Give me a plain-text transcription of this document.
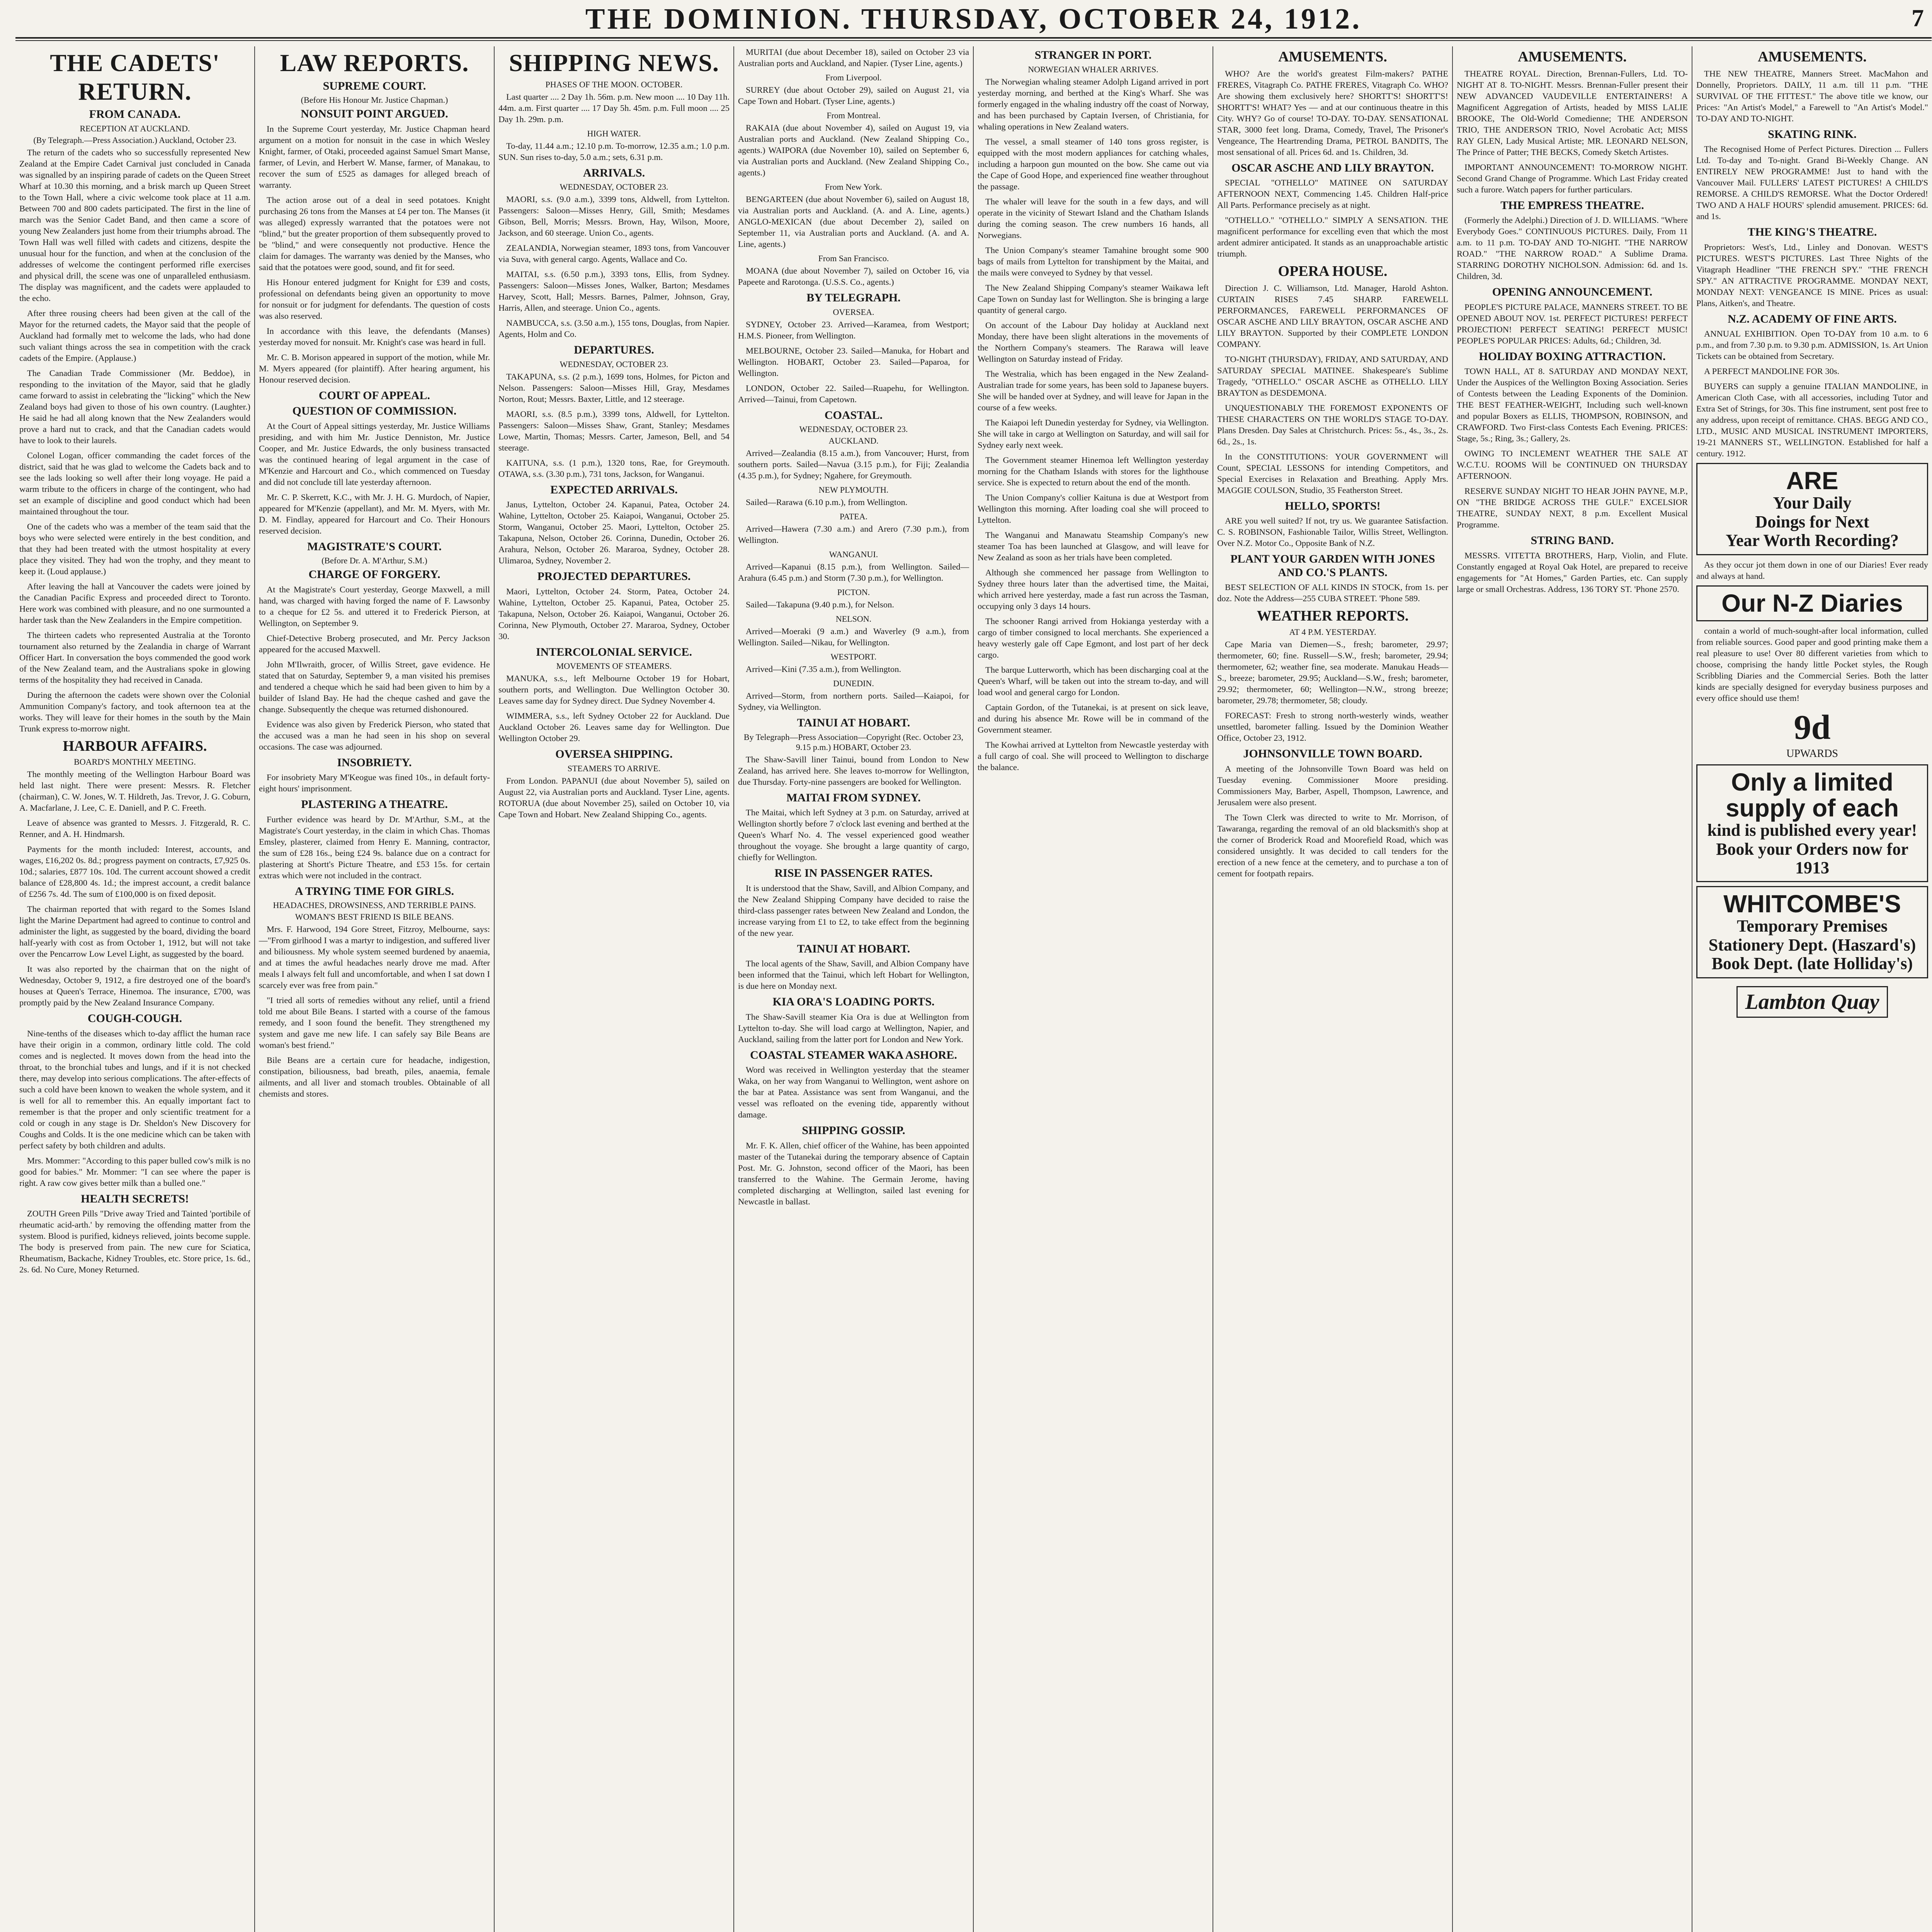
THE DOMINION. THURSDAY, OCTOBER 24, 1912.	7
THE CADETS' RETURN.
FROM CANADA.
RECEPTION AT AUCKLAND.
(By Telegraph.—Press Association.) Auckland, October 23.

The return of the cadets who so successfully represented New Zealand at the Empire Cadet Carnival just concluded in Canada was signalled by an inspiring parade of cadets on the Queen Street Wharf at 10.30 this morning, and a brisk march up Queen Street to the Town Hall, where a civic welcome took place at 11 a.m. Between 700 and 800 cadets participated. The first in the line of march was the Senior Cadet Band, and then came a score of young New Zealanders just home from their triumphs abroad. The Town Hall was well filled with cadets and citizens, despite the unusual hour for the function, and when at the conclusion of the addresses of welcome the contingent performed rifle exercises and physical drill, the scene was one of unparalleled enthusiasm. The display was magnificent, and the cadets were applauded to the echo.

After three rousing cheers had been given at the call of the Mayor for the returned cadets, the Mayor said that the people of Auckland had formally met to welcome the lads, who had done such valiant things across the sea in competition with the crack cadets of the Empire. (Applause.)

The Canadian Trade Commissioner (Mr. Beddoe), in responding to the invitation of the Mayor, said that he gladly came forward to assist in celebrating the "licking" which the New Zealand boys had given to those of his own country. (Laughter.) He said he had all along known that the New Zealanders would prove a hard nut to crack, and that the Canadian cadets would have to look to their laurels.

Colonel Logan, officer commanding the cadet forces of the district, said that he was glad to welcome the Cadets back and to see the lads looking so well after their long voyage. He paid a warm tribute to the officers in charge of the contingent, who had set an example of discipline and good conduct which had been maintained throughout the tour.

One of the cadets who was a member of the team said that the boys who were selected were entirely in the best condition, and that they had been treated with the utmost hospitality at every place they visited. They had won the trophy, and they meant to keep it. (Loud applause.)

After leaving the hall at Vancouver the cadets were joined by the Canadian Pacific Express and proceeded direct to Toronto. Here work was combined with pleasure, and no one surmounted a harder task than the New Zealanders in the Empire competition.

The thirteen cadets who represented Australia at the Toronto tournament also returned by the Zealandia in charge of Warrant Officer Hart. In conversation the boys commended the good work of the New Zealand team, and the Australians spoke in glowing terms of the hospitality they had received in Canada.

During the afternoon the cadets were shown over the Colonial Ammunition Company's factory, and took afternoon tea at the works. They will leave for their homes in the south by the Main Trunk express to-morrow night.

HARBOUR AFFAIRS.
BOARD'S MONTHLY MEETING.

The monthly meeting of the Wellington Harbour Board was held last night. There were present: Messrs. R. Fletcher (chairman), C. W. Jones, W. T. Hildreth, Jas. Trevor, J. G. Coburn, A. Macfarlane, J. Lee, C. E. Daniell, and P. C. Freeth.

Leave of absence was granted to Messrs. J. Fitzgerald, R. C. Renner, and A. H. Hindmarsh.

Payments for the month included: Interest, accounts, and wages, £16,202 0s. 8d.; progress payment on contracts, £7,925 0s. 10d.; salaries, £877 10s. 10d. The current account showed a credit balance of £28,800 4s. 1d.; the imprest account, a credit balance of £256 7s. 4d. The sum of £100,000 is on fixed deposit.

The chairman reported that with regard to the Somes Island light the Marine Department had agreed to continue to control and administer the light, as suggested by the board, dividing the board half-yearly with cost as from October 1, 1912, but will not take over the Pencarrow Low Level Light, as suggested by the board.

It was also reported by the chairman that on the night of Wednesday, October 9, 1912, a fire destroyed one of the board's houses at Queen's Terrace, Hinemoa. The insurance, £700, was promptly paid by the New Zealand Insurance Company.

COUGH-COUGH.

Nine-tenths of the diseases which to-day afflict the human race have their origin in a common, ordinary little cold. The cold comes and is neglected. It moves down from the head into the throat, to the bronchial tubes and lungs, and if it is not checked there, may develop into serious complications. The after-effects of such a cold have been known to weaken the whole system, and it is well for all to remember this. An equally important fact to remember is that the proper and only scientific treatment for a cold or cough in any stage is Dr. Sheldon's New Discovery for Coughs and Colds. It is the one medicine which can be taken with perfect safety by both children and adults.

Mrs. Mommer: "According to this paper bulled cow's milk is no good for babies." Mr. Mommer: "I can see where the paper is right. A raw cow gives better milk than a bulled one."

HEALTH SECRETS!

ZOUTH Green Pills "Drive away Tried and Tainted 'portibile of rheumatic acid-arth.' by removing the offending matter from the system. Blood is purified, kidneys relieved, joints become supple. The body is preserved from pain. The new cure for Sciatica, Rheumatism, Backache, Kidney Troubles, etc. Store price, 1s. 6d., 2s. 6d. No Cure, Money Returned.

LAW REPORTS.
SUPREME COURT.
(Before His Honour Mr. Justice Chapman.)
NONSUIT POINT ARGUED.

In the Supreme Court yesterday, Mr. Justice Chapman heard argument on a motion for nonsuit in the case in which Wesley Knight, farmer, of Otaki, proceeded against Samuel Smart Manse, farmer, of Levin, and Herbert W. Manse, farmer, of Manakau, to recover the sum of £525 as damages for alleged breach of warranty.

The action arose out of a deal in seed potatoes. Knight purchasing 26 tons from the Manses at £4 per ton. The Manses (it was alleged) expressly warranted that the potatoes were not "blind," but the greater proportion of them subsequently proved to be "blind," and were consequently not productive. Hence the claim for damages. The warranty was denied by the Manses, who said that the potatoes were good, sound, and fit for seed.

His Honour entered judgment for Knight for £39 and costs, professional on defendants being given an opportunity to move for nonsuit or for judgment for defendants. The question of costs was also reserved.

In accordance with this leave, the defendants (Manses) yesterday moved for nonsuit. Mr. Knight's case was heard in full.

Mr. C. B. Morison appeared in support of the motion, while Mr. M. Myers appeared (for plaintiff). After hearing argument, his Honour reserved decision.

COURT OF APPEAL.
QUESTION OF COMMISSION.

At the Court of Appeal sittings yesterday, Mr. Justice Williams presiding, and with him Mr. Justice Denniston, Mr. Justice Cooper, and Mr. Justice Edwards, the only business transacted was the continued hearing of legal argument in the case of M'Kenzie and Harcourt and Co., which commenced on Tuesday and did not conclude till late yesterday afternoon.

Mr. C. P. Skerrett, K.C., with Mr. J. H. G. Murdoch, of Napier, appeared for M'Kenzie (appellant), and Mr. M. Myers, with Mr. D. M. Findlay, appeared for Harcourt and Co. Their Honours reserved decision.

MAGISTRATE'S COURT.
(Before Dr. A. M'Arthur, S.M.)
CHARGE OF FORGERY.

At the Magistrate's Court yesterday, George Maxwell, a mill hand, was charged with having forged the name of F. Lawsonby to a cheque for £2 5s. and uttered it to Frederick Pierson, at Wellington, on September 9.

Chief-Detective Broberg prosecuted, and Mr. Percy Jackson appeared for the accused Maxwell.

John M'Ilwraith, grocer, of Willis Street, gave evidence. He stated that on Saturday, September 9, a man visited his premises and tendered a cheque which he said had been given to him by a builder of Island Bay. He had the cheque cashed and gave the change. Subsequently the cheque was returned dishonoured.

Evidence was also given by Frederick Pierson, who stated that the accused was a man he had seen in his shop on several occasions. The case was adjourned.

INSOBRIETY.

For insobriety Mary M'Keogue was fined 10s., in default forty-eight hours' imprisonment.

PLASTERING A THEATRE.

Further evidence was heard by Dr. M'Arthur, S.M., at the Magistrate's Court yesterday, in the claim in which Chas. Thomas Emsley, plasterer, claimed from Henry E. Manning, contractor, the sum of £28 16s., being £24 9s. balance due on a contract for plastering at Shortt's Picture Theatre, and £53 15s. for certain extras which were not included in the contract.

A TRYING TIME FOR GIRLS.
HEADACHES, DROWSINESS, AND TERRIBLE PAINS.
WOMAN'S BEST FRIEND IS BILE BEANS.

Mrs. F. Harwood, 194 Gore Street, Fitzroy, Melbourne, says:—"From girlhood I was a martyr to indigestion, and suffered liver and biliousness. My whole system seemed burdened by anaemia, and at times the awful headaches nearly drove me mad. After meals I always felt full and uncomfortable, and when I sat down I scarcely ever was free from pain."

"I tried all sorts of remedies without any relief, until a friend told me about Bile Beans. I started with a course of the famous remedy, and I soon found the benefit. They strengthened my system and gave me new life. I can safely say Bile Beans are woman's best friend."

Bile Beans are a certain cure for headache, indigestion, constipation, biliousness, bad breath, piles, anaemia, female ailments, and all liver and stomach troubles. Obtainable of all chemists and stores.

SHIPPING NEWS.
PHASES OF THE MOON. OCTOBER.

Last quarter .... 2 Day 1h. 56m. p.m. New moon .... 10 Day 11h. 44m. a.m. First quarter .... 17 Day 5h. 45m. p.m. Full moon .... 25 Day 1h. 29m. p.m.

HIGH WATER.

To-day, 11.44 a.m.; 12.10 p.m. To-morrow, 12.35 a.m.; 1.0 p.m. SUN. Sun rises to-day, 5.0 a.m.; sets, 6.31 p.m.

ARRIVALS.
WEDNESDAY, OCTOBER 23.

MAORI, s.s. (9.0 a.m.), 3399 tons, Aldwell, from Lyttelton. Passengers: Saloon—Misses Henry, Gill, Smith; Mesdames Gibson, Bell, Morris; Messrs. Brown, Hay, Wilson, Moore, Jackson, and 60 steerage. Union Co., agents.

ZEALANDIA, Norwegian steamer, 1893 tons, from Vancouver via Suva, with general cargo. Agents, Wallace and Co.

MAITAI, s.s. (6.50 p.m.), 3393 tons, Ellis, from Sydney. Passengers: Saloon—Misses Jones, Walker, Barton; Mesdames Harvey, Scott, Hall; Messrs. Barnes, Palmer, Johnson, Gray, Harris, Allen, and steerage. Union Co., agents.

NAMBUCCA, s.s. (3.50 a.m.), 155 tons, Douglas, from Napier. Agents, Holm and Co.

DEPARTURES.
WEDNESDAY, OCTOBER 23.

TAKAPUNA, s.s. (2 p.m.), 1699 tons, Holmes, for Picton and Nelson. Passengers: Saloon—Misses Hill, Gray, Mesdames Norton, Rout; Messrs. Baxter, Little, and 12 steerage.

MAORI, s.s. (8.5 p.m.), 3399 tons, Aldwell, for Lyttelton. Passengers: Saloon—Misses Shaw, Grant, Stanley; Mesdames Lowe, Martin, Thomas; Messrs. Carter, Jameson, Bell, and 54 steerage.

KAITUNA, s.s. (1 p.m.), 1320 tons, Rae, for Greymouth. OTAWA, s.s. (3.30 p.m.), 731 tons, Jackson, for Wanganui.

EXPECTED ARRIVALS.

Janus, Lyttelton, October 24. Kapanui, Patea, October 24. Wahine, Lyttelton, October 25. Kaiapoi, Wanganui, October 25. Storm, Wanganui, October 25. Maori, Lyttelton, October 25. Takapuna, Nelson, October 26. Corinna, Dunedin, October 26. Arahura, Nelson, October 26. Mararoa, Sydney, October 28. Ulimaroa, Sydney, November 2.

PROJECTED DEPARTURES.

Maori, Lyttelton, October 24. Storm, Patea, October 24. Wahine, Lyttelton, October 25. Kapanui, Patea, October 25. Takapuna, Nelson, October 26. Kaiapoi, Wanganui, October 26. Corinna, New Plymouth, October 27. Mararoa, Sydney, October 30.

INTERCOLONIAL SERVICE.
MOVEMENTS OF STEAMERS.

MANUKA, s.s., left Melbourne October 19 for Hobart, southern ports, and Wellington. Due Wellington October 30. Leaves same day for Sydney direct. Due Sydney November 4.

WIMMERA, s.s., left Sydney October 22 for Auckland. Due Auckland October 26. Leaves same day for Wellington. Due Wellington October 29.

OVERSEA SHIPPING.
STEAMERS TO ARRIVE.

From London. PAPANUI (due about November 5), sailed on August 22, via Australian ports and Auckland. Tyser Line, agents. ROTORUA (due about November 25), sailed on October 10, via Cape Town and Hobart. New Zealand Shipping Co., agents.

MURITAI (due about December 18), sailed on October 23 via Australian ports and Auckland, and Napier. (Tyser Line, agents.)

From Liverpool.

SURREY (due about October 29), sailed on August 21, via Cape Town and Hobart. (Tyser Line, agents.)

From Montreal.

RAKAIA (due about November 4), sailed on August 19, via Australian ports and Auckland. (New Zealand Shipping Co., agents.) WAIPORA (due November 10), sailed on September 6, via Australian ports and Auckland. (New Zealand Shipping Co., agents.)

From New York.

BENGARTEEN (due about November 6), sailed on August 18, via Australian ports and Auckland. (A. and A. Line, agents.) ANGLO-MEXICAN (due about December 2), sailed on September 11, via Australian ports and Auckland. (A. and A. Line, agents.)

From San Francisco.

MOANA (due about November 7), sailed on October 16, via Papeete and Rarotonga. (U.S.S. Co., agents.)

BY TELEGRAPH.
OVERSEA.

SYDNEY, October 23. Arrived—Karamea, from Westport; H.M.S. Pioneer, from Wellington.

MELBOURNE, October 23. Sailed—Manuka, for Hobart and Wellington. HOBART, October 23. Sailed—Paparoa, for Wellington.

LONDON, October 22. Sailed—Ruapehu, for Wellington. Arrived—Tainui, from Capetown.

COASTAL.
WEDNESDAY, OCTOBER 23.
AUCKLAND.

Arrived—Zealandia (8.15 a.m.), from Vancouver; Hurst, from southern ports. Sailed—Navua (3.15 p.m.), for Fiji; Zealandia (4.35 p.m.), for Sydney; Ngahere, for Greymouth.

NEW PLYMOUTH.

Sailed—Rarawa (6.10 p.m.), from Wellington.

PATEA.

Arrived—Hawera (7.30 a.m.) and Arero (7.30 p.m.), from Wellington.

WANGANUI.

Arrived—Kapanui (8.15 p.m.), from Wellington. Sailed—Arahura (6.45 p.m.) and Storm (7.30 p.m.), for Wellington.

PICTON.

Sailed—Takapuna (9.40 p.m.), for Nelson.

NELSON.

Arrived—Moeraki (9 a.m.) and Waverley (9 a.m.), from Wellington. Sailed—Nikau, for Wellington.

WESTPORT.

Arrived—Kini (7.35 a.m.), from Wellington.

DUNEDIN.

Arrived—Storm, from northern ports. Sailed—Kaiapoi, for Sydney, via Wellington.

TAINUI AT HOBART.
By Telegraph—Press Association—Copyright (Rec. October 23, 9.15 p.m.) HOBART, October 23.

The Shaw-Savill liner Tainui, bound from London to New Zealand, has arrived here. She leaves to-morrow for Wellington, due Thursday. Forty-nine passengers are booked for Wellington.

MAITAI FROM SYDNEY.

The Maitai, which left Sydney at 3 p.m. on Saturday, arrived at Wellington shortly before 7 o'clock last evening and berthed at the Queen's Wharf No. 4. The vessel experienced good weather throughout the voyage. She brought a large quantity of cargo, chiefly for Wellington.

RISE IN PASSENGER RATES.

It is understood that the Shaw, Savill, and Albion Company, and the New Zealand Shipping Company have decided to raise the third-class passenger rates between New Zealand and London, the increase varying from £1 to £2, to take effect from the beginning of the new year.

TAINUI AT HOBART.

The local agents of the Shaw, Savill, and Albion Company have been informed that the Tainui, which left Hobart for Wellington, is due here on Monday next.

KIA ORA'S LOADING PORTS.

The Shaw-Savill steamer Kia Ora is due at Wellington from Lyttelton to-day. She will load cargo at Wellington, Napier, and Auckland, sailing from the latter port for London and New York.

COASTAL STEAMER WAKA ASHORE.

Word was received in Wellington yesterday that the steamer Waka, on her way from Wanganui to Wellington, went ashore on the bar at Patea. Assistance was sent from Wanganui, and the vessel was refloated on the evening tide, apparently without damage.

SHIPPING GOSSIP.

Mr. F. K. Allen, chief officer of the Wahine, has been appointed master of the Tutanekai during the temporary absence of Captain Post. Mr. G. Johnston, second officer of the Maori, has been transferred to the Wahine. The Germain Jerome, having completed discharging at Wellington, sailed last evening for Newcastle in ballast.

STRANGER IN PORT.
NORWEGIAN WHALER ARRIVES.

The Norwegian whaling steamer Adolph Ligand arrived in port yesterday morning, and berthed at the King's Wharf. She was formerly engaged in the whaling industry off the coast of Norway, and has been purchased by Captain Iversen, of Christiania, for whaling operations in New Zealand waters.

The vessel, a small steamer of 140 tons gross register, is equipped with the most modern appliances for catching whales, including a harpoon gun mounted on the bow. She came out via the Cape of Good Hope, and experienced fine weather throughout the passage.

The whaler will leave for the south in a few days, and will operate in the vicinity of Stewart Island and the Chatham Islands during the coming season. The crew numbers 16 hands, all Norwegians.

The Union Company's steamer Tamahine brought some 900 bags of mails from Lyttelton for transhipment by the Maitai, and the mails were conveyed to Sydney by that vessel.

The New Zealand Shipping Company's steamer Waikawa left Cape Town on Sunday last for Wellington. She is bringing a large quantity of general cargo.

On account of the Labour Day holiday at Auckland next Monday, there have been slight alterations in the movements of the Northern Company's steamers. The Rarawa will leave Wellington on Saturday instead of Friday.

The Westralia, which has been engaged in the New Zealand-Australian trade for some years, has been sold to Japanese buyers. She will be handed over at Sydney, and will leave for Japan in the course of a few weeks.

The Kaiapoi left Dunedin yesterday for Sydney, via Wellington. She will take in cargo at Wellington on Saturday, and will sail for Sydney early next week.

The Government steamer Hinemoa left Wellington yesterday morning for the Chatham Islands with stores for the lighthouse service. She is expected to return about the end of the month.

The Union Company's collier Kaituna is due at Westport from Wellington this morning. After loading coal she will proceed to Lyttelton.

The Wanganui and Manawatu Steamship Company's new steamer Toa has been launched at Glasgow, and will leave for New Zealand as soon as her trials have been completed.

Although she commenced her passage from Wellington to Sydney three hours later than the advertised time, the Maitai, which arrived here yesterday, made a fast run across the Tasman, occupying only 3 days 14 hours.

The schooner Rangi arrived from Hokianga yesterday with a cargo of timber consigned to local merchants. She experienced a heavy westerly gale off Cape Egmont, and lost part of her deck cargo.

The barque Lutterworth, which has been discharging coal at the Queen's Wharf, will be taken out into the stream to-day, and will load wool and general cargo for London.

Captain Gordon, of the Tutanekai, is at present on sick leave, and during his absence Mr. Rowe will be in command of the Government steamer.

The Kowhai arrived at Lyttelton from Newcastle yesterday with a full cargo of coal. She will proceed to Wellington to discharge the balance.

AMUSEMENTS.

WHO? Are the world's greatest Film-makers? PATHE FRERES, Vitagraph Co. PATHE FRERES, Vitagraph Co. WHO? Are showing them exclusively here? SHORTT'S! SHORTT'S! SHORTT'S! WHAT? Yes — and at our continuous theatre in this City. WHY? Go of course! TO-DAY. TO-DAY. SENSATIONAL STAR, 3000 feet long. Drama, Comedy, Travel, The Prisoner's Vengeance, The Heartrending Drama, PETROL BANDITS, The most sensational of all. Prices 6d. and 1s. Children, 3d.

OSCAR ASCHE AND LILY BRAYTON.

SPECIAL "OTHELLO" MATINEE ON SATURDAY AFTERNOON NEXT, Commencing 1.45. Children Half-price All Parts. Performance precisely as at night.

"OTHELLO." "OTHELLO." SIMPLY A SENSATION. THE magnificent performance for excelling even that which the most ardent admirer anticipated. It stands as an unapproachable artistic triumph.

OPERA HOUSE.

Direction J. C. Williamson, Ltd. Manager, Harold Ashton. CURTAIN RISES 7.45 SHARP. FAREWELL PERFORMANCES, FAREWELL PERFORMANCES OF OSCAR ASCHE AND LILY BRAYTON, OSCAR ASCHE AND LILY BRAYTON. Supported by their COMPLETE LONDON COMPANY.

TO-NIGHT (THURSDAY), FRIDAY, AND SATURDAY, AND SATURDAY SPECIAL MATINEE. Shakespeare's Sublime Tragedy, "OTHELLO." OSCAR ASCHE as OTHELLO. LILY BRAYTON as DESDEMONA.

UNQUESTIONABLY THE FOREMOST EXPONENTS OF THESE CHARACTERS ON THE WORLD'S STAGE TO-DAY. Plans Dresden. Day Sales at Christchurch. Prices: 5s., 4s., 3s., 2s. 6d., 2s., 1s.

In the CONSTITUTIONS: YOUR GOVERNMENT will Count, SPECIAL LESSONS for intending Competitors, and Special Exercises in Relaxation and Breathing. Apply Mrs. MAGGIE COULSON, Studio, 35 Featherston Street.

HELLO, SPORTS!

ARE you well suited? If not, try us. We guarantee Satisfaction. C. S. ROBINSON, Fashionable Tailor, Willis Street, Wellington. Over N.Z. Motor Co., Opposite Bank of N.Z.

PLANT YOUR GARDEN WITH JONES AND CO.'S PLANTS.

BEST SELECTION OF ALL KINDS IN STOCK, from 1s. per doz. Note the Address—255 CUBA STREET. 'Phone 589.

WEATHER REPORTS.
AT 4 P.M. YESTERDAY.

Cape Maria van Diemen—S., fresh; barometer, 29.97; thermometer, 60; fine. Russell—S.W., fresh; barometer, 29.94; thermometer, 62; weather fine, sea moderate. Manukau Heads—S., breeze; barometer, 29.95; Auckland—S.W., fresh; barometer, 29.92; thermometer, 60; Wellington—N.W., strong breeze; barometer, 29.78; thermometer, 58; cloudy.

FORECAST: Fresh to strong north-westerly winds, weather unsettled, barometer falling. Issued by the Dominion Weather Office, October 23, 1912.

JOHNSONVILLE TOWN BOARD.

A meeting of the Johnsonville Town Board was held on Tuesday evening. Commissioner Moore presiding. Commissioners May, Barber, Aspell, Thompson, Lawrence, and Jerusalem were also present.

The Town Clerk was directed to write to Mr. Morrison, of Tawaranga, regarding the removal of an old blacksmith's shop at the corner of Broderick Road and Moorefield Road, which was considered unsightly. It was decided to call tenders for the erection of a new fence at the cemetery, and to purchase a ton of cement for footpath repairs.

AMUSEMENTS.

THEATRE ROYAL. Direction, Brennan-Fullers, Ltd. TO-NIGHT AT 8. TO-NIGHT. Messrs. Brennan-Fuller present their NEW ADVANCED VAUDEVILLE ENTERTAINERS! A Magnificent Aggregation of Artists, headed by MISS LALIE BROOKE, The Old-World Comedienne; THE ANDERSON TRIO, THE ANDERSON TRIO, Novel Acrobatic Act; MISS RAY GLEN, Lady Musical Artiste; MR. LEONARD NELSON, The Prince of Patter; THE BECKS, Comedy Sketch Artistes.

IMPORTANT ANNOUNCEMENT! TO-MORROW NIGHT. Second Grand Change of Programme. Which Last Friday created such a furore. Watch papers for further particulars.

THE EMPRESS THEATRE.

(Formerly the Adelphi.) Direction of J. D. WILLIAMS. "Where Everybody Goes." CONTINUOUS PICTURES. Daily, From 11 a.m. to 11 p.m. TO-DAY AND TO-NIGHT. "THE NARROW ROAD." "THE NARROW ROAD." A Sublime Drama. STARRING DOROTHY NICHOLSON. Admission: 6d. and 1s. Children, 3d.

OPENING ANNOUNCEMENT.

PEOPLE'S PICTURE PALACE, MANNERS STREET. TO BE OPENED ABOUT NOV. 1st. PERFECT PICTURES! PERFECT PROJECTION! PERFECT SEATING! PERFECT MUSIC! PEOPLE'S POPULAR PRICES: Adults, 6d.; Children, 3d.

HOLIDAY BOXING ATTRACTION.

TOWN HALL, AT 8. SATURDAY AND MONDAY NEXT, Under the Auspices of the Wellington Boxing Association. Series of Contests between the Leading Exponents of the Dominion. THE BEST FEATHER-WEIGHT, Including such well-known and popular Boxers as ELLIS, THOMPSON, ROBINSON, and CRAWFORD. Two First-class Contests Each Evening. PRICES: Stage, 5s.; Ring, 3s.; Gallery, 2s.

OWING TO INCLEMENT WEATHER THE SALE AT W.C.T.U. ROOMS Will be CONTINUED ON THURSDAY AFTERNOON.

RESERVE SUNDAY NIGHT TO HEAR JOHN PAYNE, M.P., ON "THE BRIDGE ACROSS THE GULF." EXCELSIOR THEATRE, SUNDAY NEXT, 8 p.m. Excellent Musical Programme.

STRING BAND.

MESSRS. VITETTA BROTHERS, Harp, Violin, and Flute. Constantly engaged at Royal Oak Hotel, are prepared to receive engagements for "At Homes," Garden Parties, etc. Can supply large or small Orchestras. Address, 136 TORY ST. 'Phone 2570.

AMUSEMENTS.

THE NEW THEATRE, Manners Street. MacMahon and Donnelly, Proprietors. DAILY, 11 a.m. till 11 p.m. "THE SURVIVAL OF THE FITTEST." The above title we know, our Prices: "An Artist's Model," a Farewell to "An Artist's Model." TO-DAY AND TO-NIGHT.

SKATING RINK.

The Recognised Home of Perfect Pictures. Direction ... Fullers Ltd. To-day and To-night. Grand Bi-Weekly Change. AN ENTIRELY NEW PROGRAMME! Just to hand with the Vancouver Mail. FULLERS' LATEST PICTURES! A CHILD'S REMORSE. A CHILD'S REMORSE. What the Doctor Ordered! TWO AND A HALF HOURS' splendid amusement. PRICES: 6d. and 1s.

THE KING'S THEATRE.

Proprietors: West's, Ltd., Linley and Donovan. WEST'S PICTURES. WEST'S PICTURES. Last Three Nights of the Vitagraph Headliner "THE FRENCH SPY." "THE FRENCH SPY." AN ATTRACTIVE PROGRAMME. MONDAY NEXT, MONDAY NEXT: VENGEANCE IS MINE. Prices as usual: Plans, Aitken's, and Theatre.

N.Z. ACADEMY OF FINE ARTS.

ANNUAL EXHIBITION. Open TO-DAY from 10 a.m. to 6 p.m., and from 7.30 p.m. to 9.30 p.m. ADMISSION, 1s. Art Union Tickets can be obtained from Secretary.

A PERFECT MANDOLINE FOR 30s.

BUYERS can supply a genuine ITALIAN MANDOLINE, in American Cloth Case, with all accessories, including Tutor and Extra Set of Strings, for 30s. This fine instrument, sent post free to any address, upon receipt of remittance. CHAS. BEGG AND CO., LTD., MUSIC AND MUSICAL INSTRUMENT IMPORTERS, 19-21 MANNERS ST., WELLINGTON. Established for half a century. 1912.

ARE
Your Daily
Doings for Next
Year Worth Recording?

As they occur jot them down in one of our Diaries! Ever ready and always at hand.

Our N-Z Diaries

contain a world of much-sought-after local information, culled from reliable sources. Good paper and good printing make them a real pleasure to use! Over 80 different varieties from which to choose, comprising the handy little Pocket styles, the Rough Scribbling Diaries and the Commercial Series. Both the latter kinds are specially designed for everyday business purposes and every office should use them!

9d
UPWARDS
Only a limited supply of each
kind is published every year!
Book your Orders now for 1913
WHITCOMBE'S
Temporary Premises
Stationery Dept. (Haszard's)
Book Dept. (late Holliday's)
Lambton Quay
